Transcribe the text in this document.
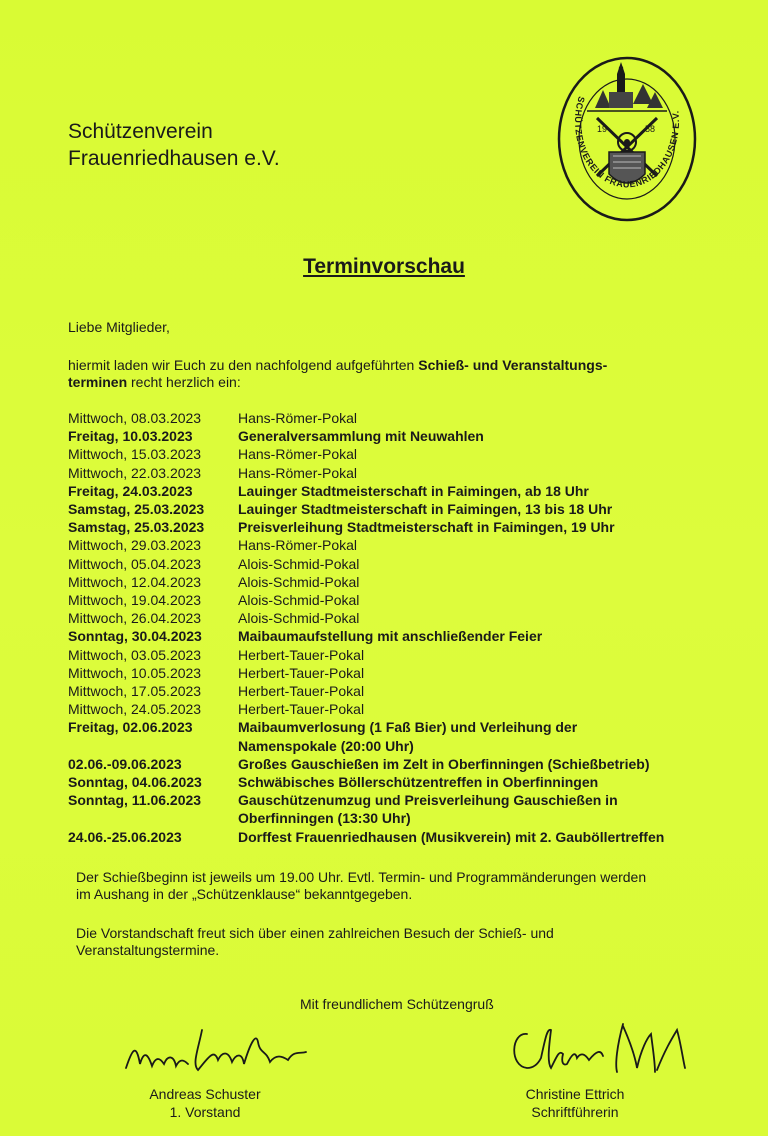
Schützenverein
Frauenriedhausen e.V.
19	58
SCHÜTZENVEREIN FRAUENRIEDHAUSEN E.V.
Terminvorschau
Liebe Mitglieder,
hiermit laden wir Euch zu den nachfolgend aufgeführten Schieß- und Veranstaltungs-
terminen recht herzlich ein:
Mittwoch, 08.03.2023	Hans-Römer-Pokal
Freitag, 10.03.2023	Generalversammlung mit Neuwahlen
Mittwoch, 15.03.2023	Hans-Römer-Pokal
Mittwoch, 22.03.2023	Hans-Römer-Pokal
Freitag, 24.03.2023	Lauinger Stadtmeisterschaft in Faimingen, ab 18 Uhr
Samstag, 25.03.2023	Lauinger Stadtmeisterschaft in Faimingen, 13 bis 18 Uhr
Samstag, 25.03.2023	Preisverleihung Stadtmeisterschaft in Faimingen, 19 Uhr
Mittwoch, 29.03.2023	Hans-Römer-Pokal
Mittwoch, 05.04.2023	Alois-Schmid-Pokal
Mittwoch, 12.04.2023	Alois-Schmid-Pokal
Mittwoch, 19.04.2023	Alois-Schmid-Pokal
Mittwoch, 26.04.2023	Alois-Schmid-Pokal
Sonntag, 30.04.2023	Maibaumaufstellung mit anschließender Feier
Mittwoch, 03.05.2023	Herbert-Tauer-Pokal
Mittwoch, 10.05.2023	Herbert-Tauer-Pokal
Mittwoch, 17.05.2023	Herbert-Tauer-Pokal
Mittwoch, 24.05.2023	Herbert-Tauer-Pokal
Freitag, 02.06.2023	Maibaumverlosung (1 Faß Bier) und Verleihung der
Namenspokale (20:00 Uhr)
02.06.-09.06.2023	Großes Gauschießen im Zelt in Oberfinningen (Schießbetrieb)
Sonntag, 04.06.2023	Schwäbisches Böllerschützentreffen in Oberfinningen
Sonntag, 11.06.2023	Gauschützenumzug und Preisverleihung Gauschießen in
Oberfinningen (13:30 Uhr)
24.06.-25.06.2023	Dorffest Frauenriedhausen (Musikverein) mit 2. Gauböllertreffen
Der Schießbeginn ist jeweils um 19.00 Uhr. Evtl. Termin- und Programmänderungen werden
im Aushang in der „Schützenklause“ bekanntgegeben.
Die Vorstandschaft freut sich über einen zahlreichen Besuch der Schieß- und
Veranstaltungstermine.
Mit freundlichem Schützengruß
Andreas Schuster
1. Vorstand
Christine Ettrich
Schriftführerin
